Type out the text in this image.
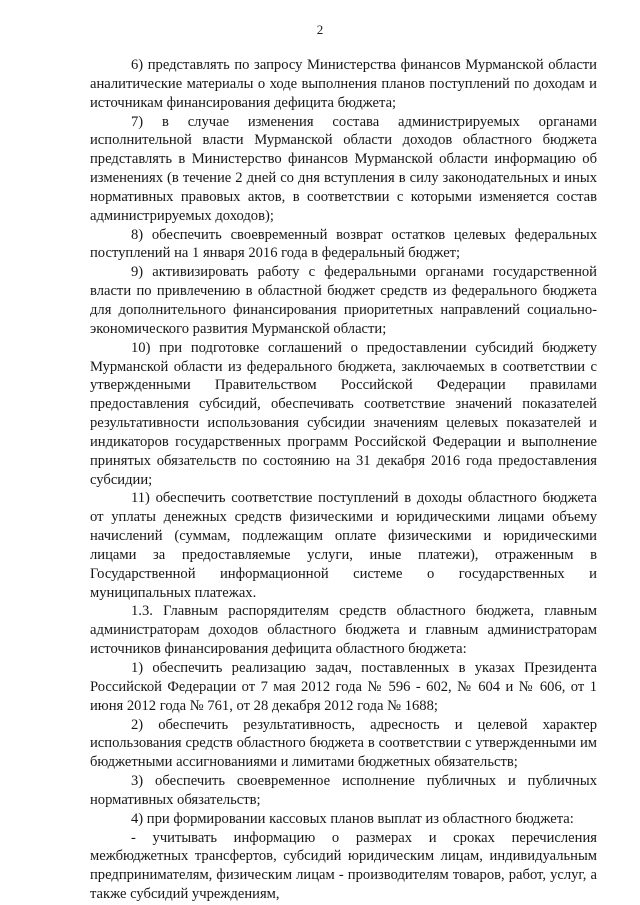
2

6) представлять по запросу Министерства финансов Мурманской области аналитические материалы о ходе выполнения планов поступлений по доходам и источникам финансирования дефицита бюджета;

7) в случае изменения состава администрируемых органами исполнительной власти Мурманской области доходов областного бюджета представлять в Министерство финансов Мурманской области информацию об изменениях (в течение 2 дней со дня вступления в силу законодательных и иных нормативных правовых актов, в соответствии с которыми изменяется состав администрируемых доходов);

8) обеспечить своевременный возврат остатков целевых федеральных поступлений на 1 января 2016 года в федеральный бюджет;

9) активизировать работу с федеральными органами государственной власти по привлечению в областной бюджет средств из федерального бюджета для дополнительного финансирования приоритетных направлений социально-экономического развития Мурманской области;

10) при подготовке соглашений о предоставлении субсидий бюджету Мурманской области из федерального бюджета, заключаемых в соответствии с утвержденными Правительством Российской Федерации правилами предоставления субсидий, обеспечивать соответствие значений показателей результативности использования субсидии значениям целевых показателей и индикаторов государственных программ Российской Федерации и выполнение принятых обязательств по состоянию на 31 декабря 2016 года предоставления субсидии;

11) обеспечить соответствие поступлений в доходы областного бюджета от уплаты денежных средств физическими и юридическими лицами объему начислений (суммам, подлежащим оплате физическими и юридическими лицами за предоставляемые услуги, иные платежи), отраженным в Государственной информационной системе о государственных и муниципальных платежах.

1.3. Главным распорядителям средств областного бюджета, главным администраторам доходов областного бюджета и главным администраторам источников финансирования дефицита областного бюджета:

1) обеспечить реализацию задач, поставленных в указах Президента Российской Федерации от 7 мая 2012 года № 596 - 602, № 604 и № 606, от 1 июня 2012 года № 761, от 28 декабря 2012 года № 1688;

2) обеспечить результативность, адресность и целевой характер использования средств областного бюджета в соответствии с утвержденными им бюджетными ассигнованиями и лимитами бюджетных обязательств;

3) обеспечить своевременное исполнение публичных и публичных нормативных обязательств;

4) при формировании кассовых планов выплат из областного бюджета:

- учитывать информацию о размерах и сроках перечисления межбюджетных трансфертов, субсидий юридическим лицам, индивидуальным предпринимателям, физическим лицам - производителям товаров, работ, услуг, а также субсидий учреждениям,
